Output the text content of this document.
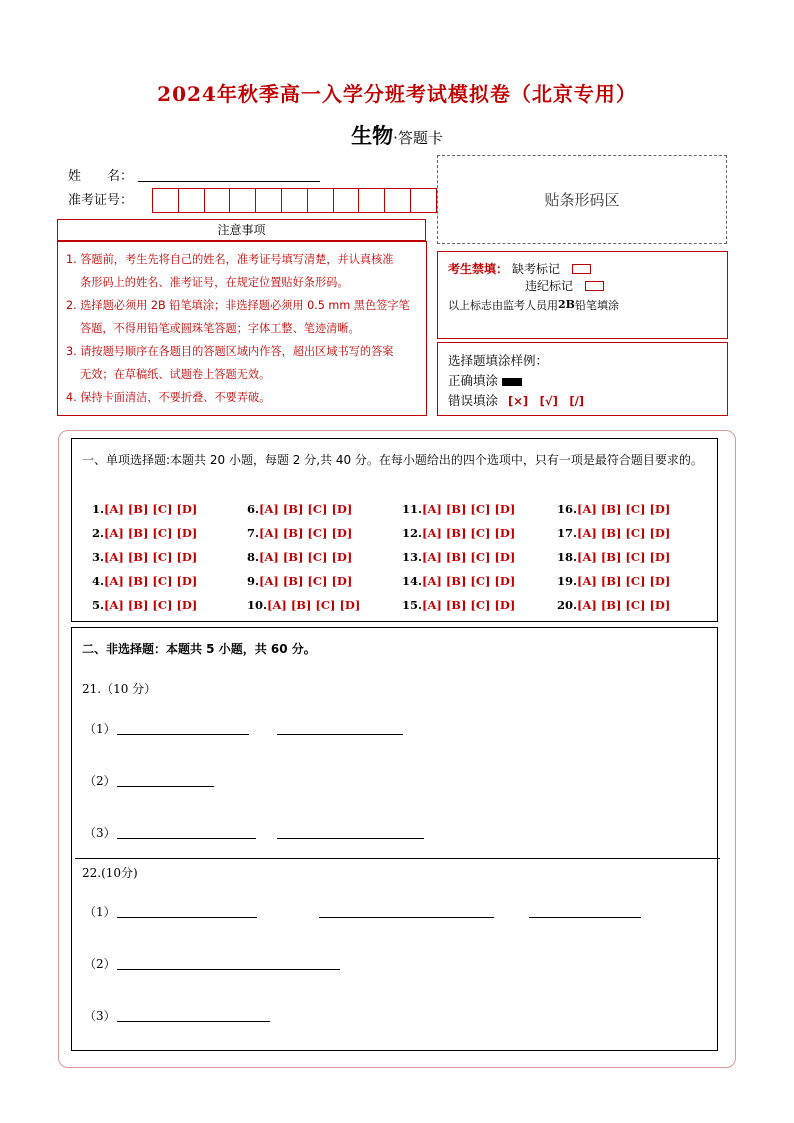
2024年秋季高一入学分班考试模拟卷（北京专用）
生物·答题卡
姓　　名：
准考证号：	贴条形码区
注意事项

1. 答题前，考生先将自己的姓名，准考证号填写清楚，并认真核准

条形码上的姓名、准考证号，在规定位置贴好条形码。

2. 选择题必须用 2B 铅笔填涂；非选择题必须用 0.5 mm 黑色签字笔

答题，不得用铅笔或圆珠笔答题；字体工整、笔迹清晰。

3. 请按题号顺序在各题目的答题区域内作答，超出区域书写的答案

无效；在草稿纸、试题卷上答题无效。

4. 保持卡面清洁，不要折叠、不要弄破。

考生禁填： 缺考标记
违纪标记
以上标志由监考人员用 2B 铅笔填涂
选择题填涂样例：
正确填涂
错误填涂 [×]　[√]　[/]
一、单项选择题:本题共 20 小题，每题 2 分,共 40 分。在每小题给出的四个选项中，只有一项是最符合题目要求的。
1.[A] [B] [C] [D]
2.[A] [B] [C] [D]
3.[A] [B] [C] [D]
4.[A] [B] [C] [D]
5.[A] [B] [C] [D]
6.[A] [B] [C] [D]
7.[A] [B] [C] [D]
8.[A] [B] [C] [D]
9.[A] [B] [C] [D]
10.[A] [B] [C] [D]
11.[A] [B] [C] [D]
12.[A] [B] [C] [D]
13.[A] [B] [C] [D]
14.[A] [B] [C] [D]
15.[A] [B] [C] [D]
16.[A] [B] [C] [D]
17.[A] [B] [C] [D]
18.[A] [B] [C] [D]
19.[A] [B] [C] [D]
20.[A] [B] [C] [D]
二、非选择题：本题共 5 小题，共 60 分。
21.（10 分）
（1）
（2）
（3）
22.(10分)
（1）
（2）
（3）
